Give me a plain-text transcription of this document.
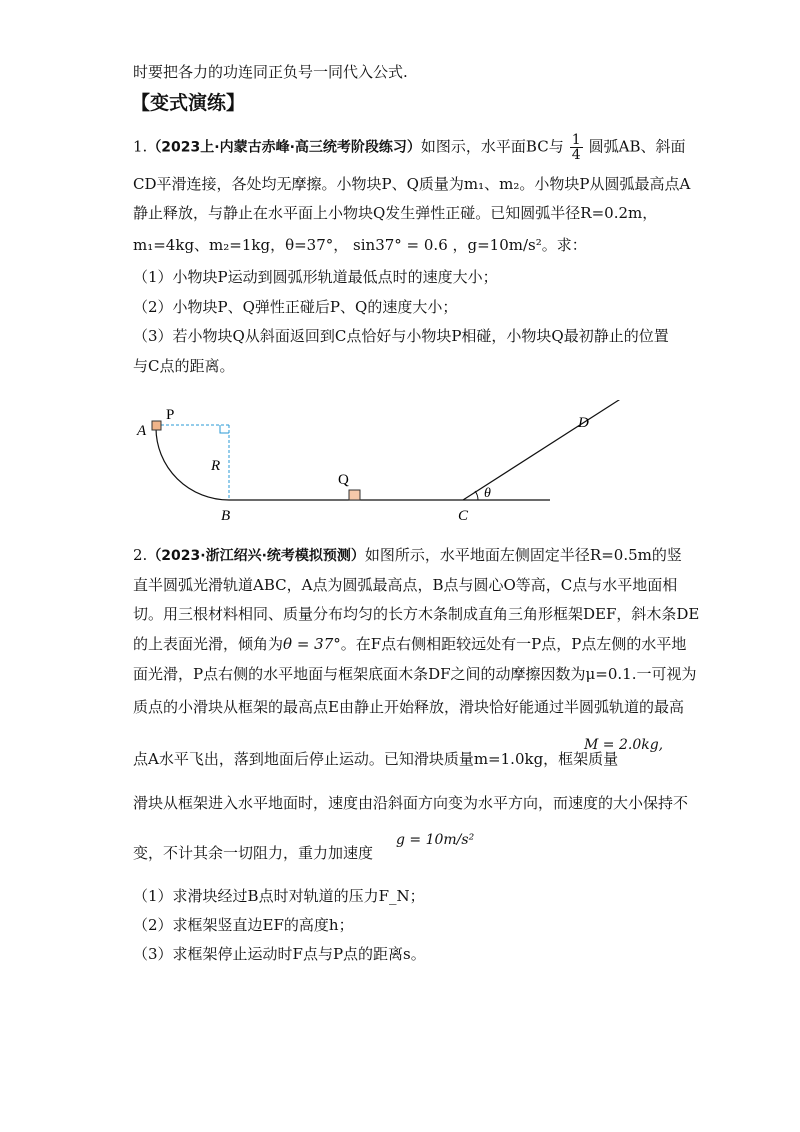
时要把各力的功连同正负号一同代入公式.
【变式演练】
1.（2023上·内蒙古赤峰·高三统考阶段练习）如图示，水平面BC与 $\frac{1}{4}$ 圆弧AB、斜面
CD平滑连接，各处均无摩擦。小物块P、Q质量为m₁、m₂。小物块P从圆弧最高点A
静止释放，与静止在水平面上小物块Q发生弹性正碰。已知圆弧半径R=0.2m，
m₁=4kg、m₂=1kg，θ=37°， sin37° = 0.6 ，g=10m/s²。求：
（1）小物块P运动到圆弧形轨道最低点时的速度大小；
（2）小物块P、Q弹性正碰后P、Q的速度大小；
（3）若小物块Q从斜面返回到C点恰好与小物块P相碰，小物块Q最初静止的位置
与C点的距离。
P
A
R
B
Q
C
D
θ
2.（2023·浙江绍兴·统考模拟预测）如图所示，水平地面左侧固定半径R=0.5m的竖
直半圆弧光滑轨道ABC，A点为圆弧最高点，B点与圆心O等高，C点与水平地面相
切。用三根材料相同、质量分布均匀的长方木条制成直角三角形框架DEF，斜木条DE
的上表面光滑，倾角为θ = 37°。在F点右侧相距较远处有一P点，P点左侧的水平地
面光滑，P点右侧的水平地面与框架底面木条DF之间的动摩擦因数为μ=0.1.一可视为
质点的小滑块从框架的最高点E由静止开始释放，滑块恰好能通过半圆弧轨道的最高
M = 2.0kg,
点A水平飞出，落到地面后停止运动。已知滑块质量m=1.0kg，框架质量
滑块从框架进入水平地面时，速度由沿斜面方向变为水平方向，而速度的大小保持不
g = 10m/s²
变，不计其余一切阻力，重力加速度
（1）求滑块经过B点时对轨道的压力F_N；
（2）求框架竖直边EF的高度h；
（3）求框架停止运动时F点与P点的距离s。
